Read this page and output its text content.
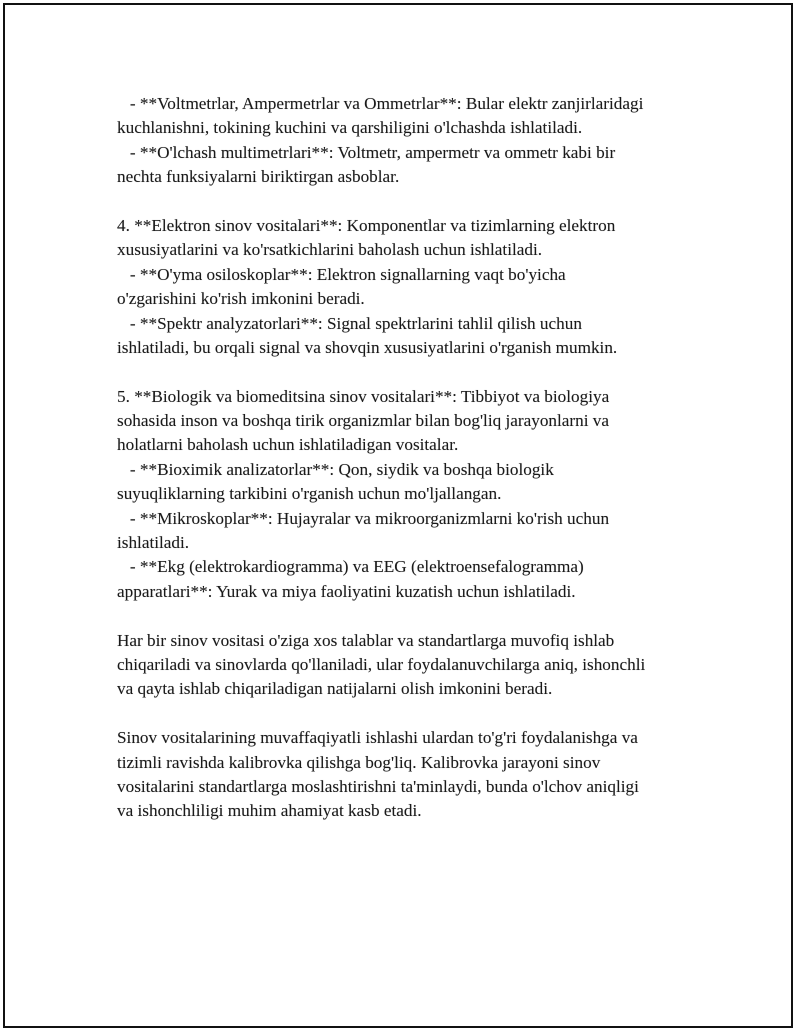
- **Voltmetrlar, Ampermetrlar va Ommetrlar**: Bular elektr zanjirlaridagi
kuchlanishni, tokining kuchini va qarshiligini o'lchashda ishlatiladi.
- **O'lchash multimetrlari**: Voltmetr, ampermetr va ommetr kabi bir
nechta funksiyalarni biriktirgan asboblar.
4. **Elektron sinov vositalari**: Komponentlar va tizimlarning elektron
xususiyatlarini va ko'rsatkichlarini baholash uchun ishlatiladi.
- **O'yma osiloskoplar**: Elektron signallarning vaqt bo'yicha
o'zgarishini ko'rish imkonini beradi.
- **Spektr analyzatorlari**: Signal spektrlarini tahlil qilish uchun
ishlatiladi, bu orqali signal va shovqin xususiyatlarini o'rganish mumkin.
5. **Biologik va biomeditsina sinov vositalari**: Tibbiyot va biologiya
sohasida inson va boshqa tirik organizmlar bilan bog'liq jarayonlarni va
holatlarni baholash uchun ishlatiladigan vositalar.
- **Bioximik analizatorlar**: Qon, siydik va boshqa biologik
suyuqliklarning tarkibini o'rganish uchun mo'ljallangan.
- **Mikroskoplar**: Hujayralar va mikroorganizmlarni ko'rish uchun
ishlatiladi.
- **Ekg (elektrokardiogramma) va EEG (elektroensefalogramma)
apparatlari**: Yurak va miya faoliyatini kuzatish uchun ishlatiladi.
Har bir sinov vositasi o'ziga xos talablar va standartlarga muvofiq ishlab
chiqariladi va sinovlarda qo'llaniladi, ular foydalanuvchilarga aniq, ishonchli
va qayta ishlab chiqariladigan natijalarni olish imkonini beradi.
Sinov vositalarining muvaffaqiyatli ishlashi ulardan to'g'ri foydalanishga va
tizimli ravishda kalibrovka qilishga bog'liq. Kalibrovka jarayoni sinov
vositalarini standartlarga moslashtirishni ta'minlaydi, bunda o'lchov aniqligi
va ishonchliligi muhim ahamiyat kasb etadi.
